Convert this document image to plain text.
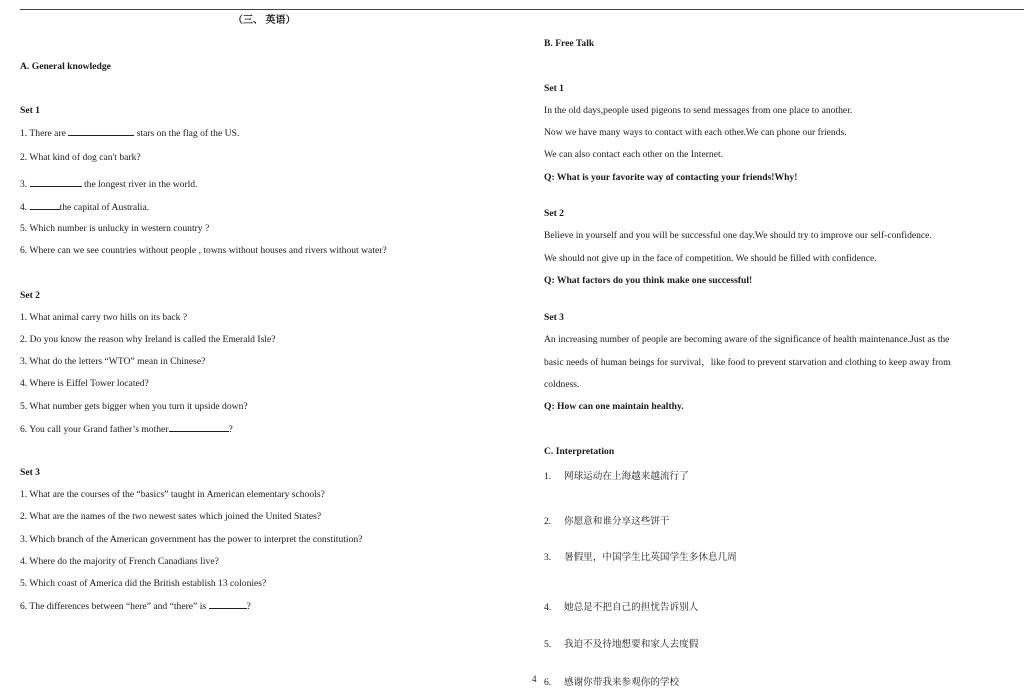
（三、 英语）
A. General knowledge
Set 1
1. There are	stars on the flag of the US.
2. What kind of dog can't bark?
3.	the longest river in the world.
4.	the capital of Australia.
5. Which number is unlucky in western country ?
6. Where can we see countries without people , towns without houses and rivers without water?
Set 2
1. What animal carry two hills on its back ?
2. Do you know the reason why Ireland is called the Emerald Isle?
3. What do the letters “WTO” mean in Chinese?
4. Where is Eiffel Tower located?
5. What number gets bigger when you turn it upside down?
6. You call your Grand father’s mother	?
Set 3
1. What are the courses of the “basics” taught in American elementary schools?
2. What are the names of the two newest sates which joined the United States?
3. Which branch of the American government has the power to interpret the constitution?
4. Where do the majority of French Canadians live?
5. Which coast of America did the British establish 13 colonies?
6. The differences between “here” and “there” is	?
B. Free Talk
Set 1
In the old days,people used pigeons to send messages from one place to another.
Now we have many ways to contact with each other.We can phone our friends.
We can also contact each other on the Internet.
Q: What is your favorite way of contacting your friends!Why!
Set 2
Believe in yourself and you will be successful one day.We should try to improve our self-confidence.
We should not give up in the face of competition. We should be filled with confidence.
Q: What factors do you think make one successful!
Set 3
An increasing number of people are becoming aware of the significance of health maintenance.Just as the
basic needs of human beings for survival，like food to prevent starvation and clothing to keep away from
coldness.
Q: How can one maintain healthy.
C. Interpretation
1. 网球运动在上海越来越流行了
2. 你愿意和谁分享这些饼干
3.	暑假里，中国学生比英国学生多休息几周
4. 她总是不把自己的担忧告诉别人
5. 我迫不及待地想要和家人去度假
6. 感谢你带我来参观你的学校
4
